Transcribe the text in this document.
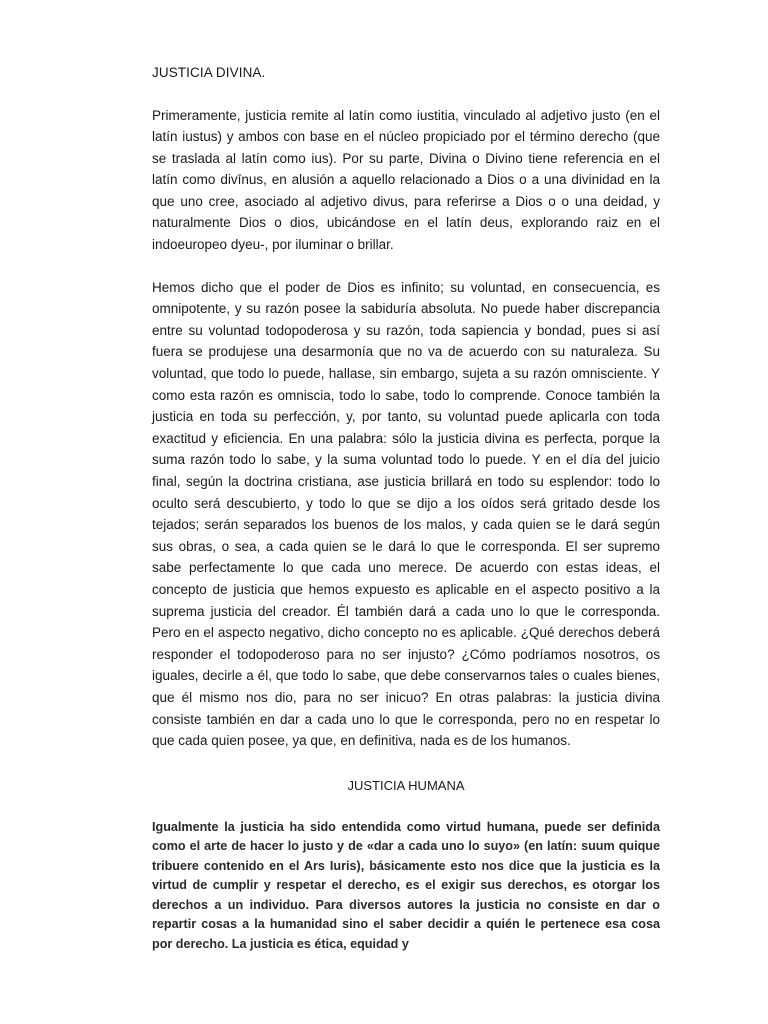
JUSTICIA DIVINA.

Primeramente, justicia remite al latín como iustitia, vinculado al adjetivo justo (en el latín iustus) y ambos con base en el núcleo propiciado por el término derecho (que se traslada al latín como ius). Por su parte, Divina o Divino tiene referencia en el latín como divīnus, en alusión a aquello relacionado a Dios o a una divinidad en la que uno cree, asociado al adjetivo divus, para referirse a Dios o o una deidad, y naturalmente Dios o dios, ubicándose en el latín deus, explorando raiz en el indoeuropeo dyeu-, por iluminar o brillar.

Hemos dicho que el poder de Dios es infinito; su voluntad, en consecuencia, es omnipotente, y su razón posee la sabiduría absoluta. No puede haber discrepancia entre su voluntad todopoderosa y su razón, toda sapiencia y bondad, pues si así fuera se produjese una desarmonía que no va de acuerdo con su naturaleza. Su voluntad, que todo lo puede, hallase, sin embargo, sujeta a su razón omnisciente. Y como esta razón es omniscia, todo lo sabe, todo lo comprende. Conoce también la justicia en toda su perfección, y, por tanto, su voluntad puede aplicarla con toda exactitud y eficiencia. En una palabra: sólo la justicia divina es perfecta, porque la suma razón todo lo sabe, y la suma voluntad todo lo puede. Y en el día del juicio final, según la doctrina cristiana, ase justicia brillará en todo su esplendor: todo lo oculto será descubierto, y todo lo que se dijo a los oídos será gritado desde los tejados; serán separados los buenos de los malos, y cada quien se le dará según sus obras, o sea, a cada quien se le dará lo que le corresponda. El ser supremo sabe perfectamente lo que cada uno merece. De acuerdo con estas ideas, el concepto de justicia que hemos expuesto es aplicable en el aspecto positivo a la suprema justicia del creador. Él también dará a cada uno lo que le corresponda. Pero en el aspecto negativo, dicho concepto no es aplicable. ¿Qué derechos deberá responder el todopoderoso para no ser injusto? ¿Cómo podríamos nosotros, os iguales, decirle a él, que todo lo sabe, que debe conservarnos tales o cuales bienes, que él mismo nos dio, para no ser inicuo? En otras palabras: la justicia divina consiste también en dar a cada uno lo que le corresponda, pero no en respetar lo que cada quien posee, ya que, en definitiva, nada es de los humanos.

JUSTICIA HUMANA

Igualmente la justicia ha sido entendida como virtud humana, puede ser definida como el arte de hacer lo justo y de «dar a cada uno lo suyo» (en latín: suum quique tribuere contenido en el Ars Iuris), básicamente esto nos dice que la justicia es la virtud de cumplir y respetar el derecho, es el exigir sus derechos, es otorgar los derechos a un individuo. Para diversos autores la justicia no consiste en dar o repartir cosas a la humanidad sino el saber decidir a quién le pertenece esa cosa por derecho. La justicia es ética, equidad y
